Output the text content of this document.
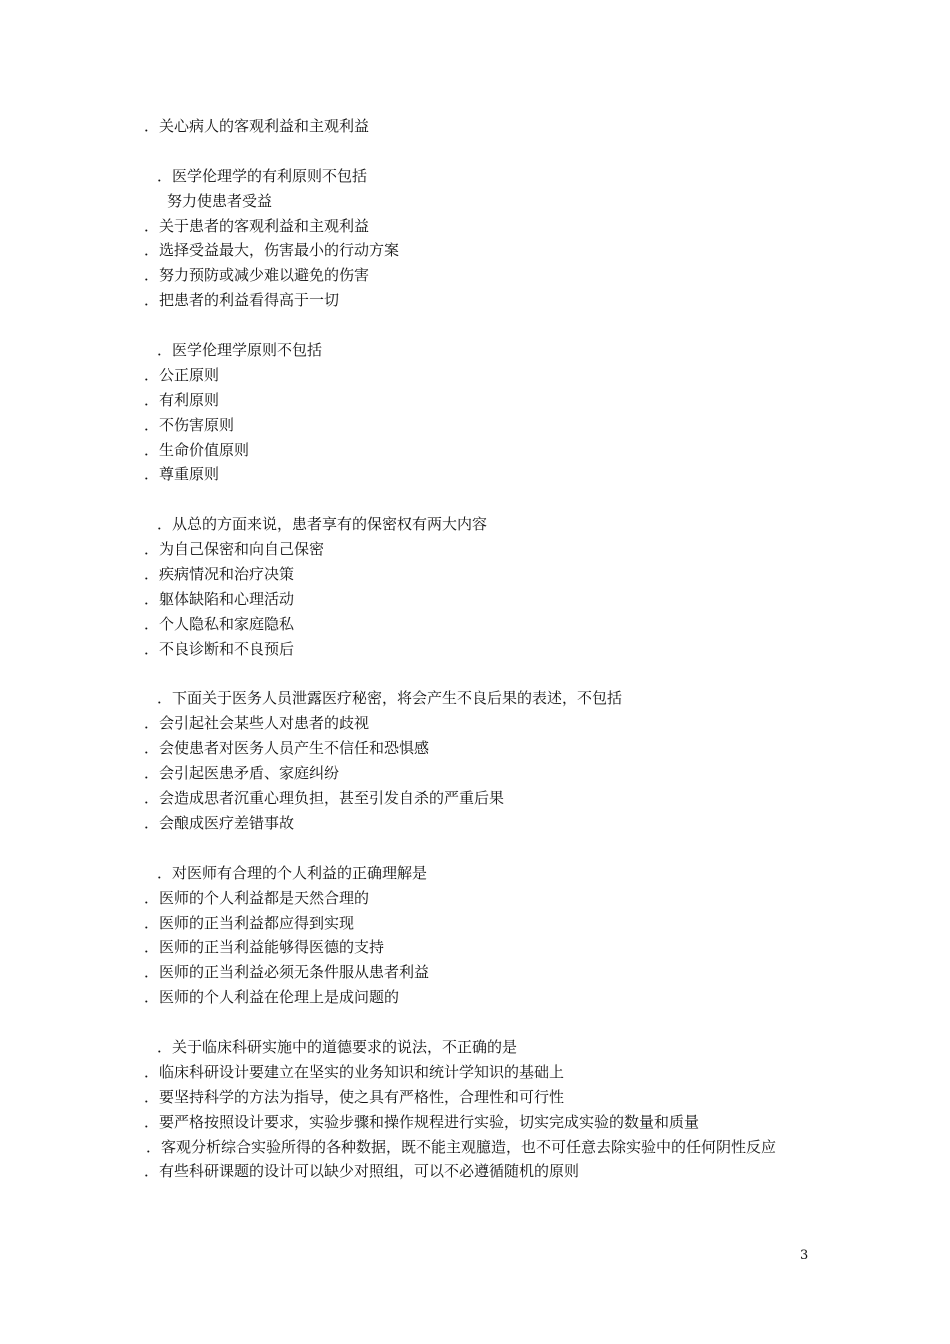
．关心病人的客观利益和主观利益
．医学伦理学的有利原则不包括
努力使患者受益
．关于患者的客观利益和主观利益
．选择受益最大，伤害最小的行动方案
．努力预防或减少难以避免的伤害
．把患者的利益看得高于一切
．医学伦理学原则不包括
．公正原则
．有利原则
．不伤害原则
．生命价值原则
．尊重原则
．从总的方面来说，患者享有的保密权有两大内容
．为自己保密和向自己保密
．疾病情况和治疗决策
．躯体缺陷和心理活动
．个人隐私和家庭隐私
．不良诊断和不良预后
．下面关于医务人员泄露医疗秘密，将会产生不良后果的表述，不包括
．会引起社会某些人对患者的歧视
．会使患者对医务人员产生不信任和恐惧感
．会引起医患矛盾、家庭纠纷
．会造成思者沉重心理负担，甚至引发自杀的严重后果
．会酿成医疗差错事故
．对医师有合理的个人利益的正确理解是
．医师的个人利益都是天然合理的
．医师的正当利益都应得到实现
．医师的正当利益能够得医德的支持
．医师的正当利益必须无条件服从患者利益
．医师的个人利益在伦理上是成问题的
．关于临床科研实施中的道德要求的说法，不正确的是
．临床科研设计要建立在坚实的业务知识和统计学知识的基础上
．要坚持科学的方法为指导，使之具有严格性，合理性和可行性
．要严格按照设计要求，实验步骤和操作规程进行实验，切实完成实验的数量和质量
．客观分析综合实验所得的各种数据，既不能主观臆造，也不可任意去除实验中的任何阴性反应
．有些科研课题的设计可以缺少对照组，可以不必遵循随机的原则
3
